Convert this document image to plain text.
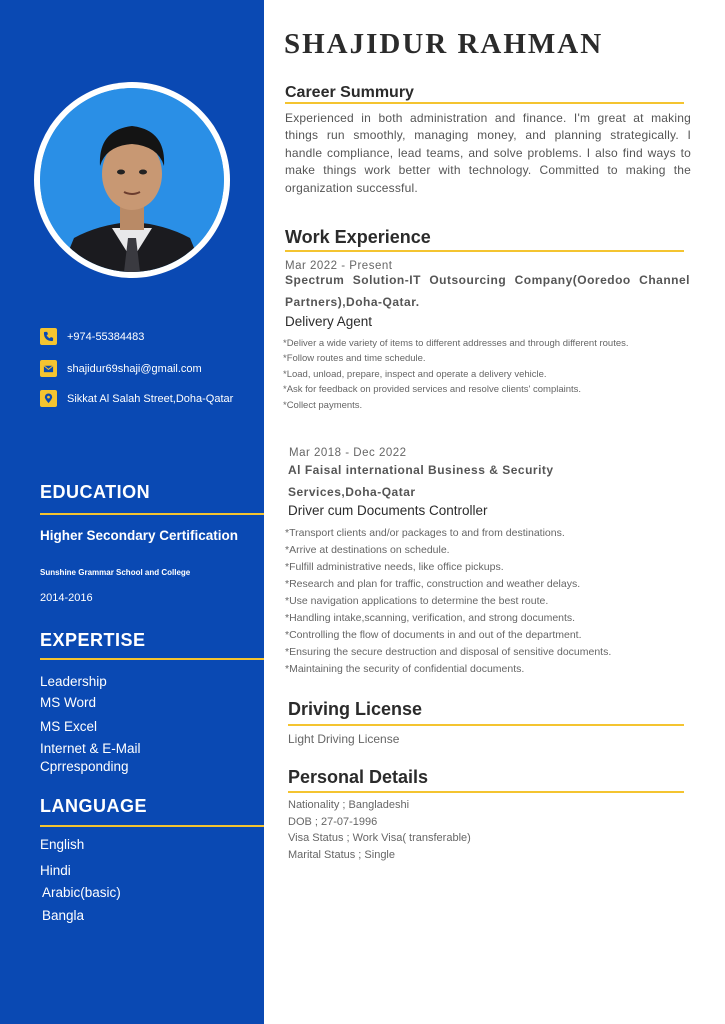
+974-55384483
shajidur69shaji@gmail.com
Sikkat Al Salah Street,Doha-Qatar
EDUCATION
Higher Secondary Certification
Sunshine Grammar School and College
2014-2016
EXPERTISE
Leadership
MS Word
MS Excel
Internet & E-Mail Cprresponding
LANGUAGE
English
Hindi
Arabic(basic)
Bangla
SHAJIDUR RAHMAN
Career Summury
Experienced in both administration and finance. I'm great at making things run smoothly, managing money, and planning strategically. I handle compliance, lead teams, and solve problems. I also find ways to make things work better with technology. Committed to making the organization successful.
Work Experience
Mar 2022 - Present
Spectrum Solution-IT Outsourcing Company(Ooredoo Channel Partners),Doha-Qatar.
Delivery Agent
*Deliver a wide variety of items to different addresses and through different routes.
*Follow routes and time schedule.
*Load, unload, prepare, inspect and operate a delivery vehicle.
*Ask for feedback on provided services and resolve clients' complaints.
*Collect payments.
Mar 2018 - Dec 2022
Al Faisal international Business & Security Services,Doha-Qatar
Driver cum Documents Controller
*Transport clients and/or packages to and from destinations.
*Arrive at destinations on schedule.
*Fulfill administrative needs, like office pickups.
*Research and plan for traffic, construction and weather delays.
*Use navigation applications to determine the best route.
*Handling intake,scanning, verification, and strong documents.
*Controlling the flow of documents in and out of the department.
*Ensuring the secure destruction and disposal of sensitive documents.
*Maintaining the security of confidential documents.
Driving License
Light Driving License
Personal Details
Nationality ; Bangladeshi
DOB ; 27-07-1996
Visa Status ; Work Visa( transferable)
Marital Status ; Single
